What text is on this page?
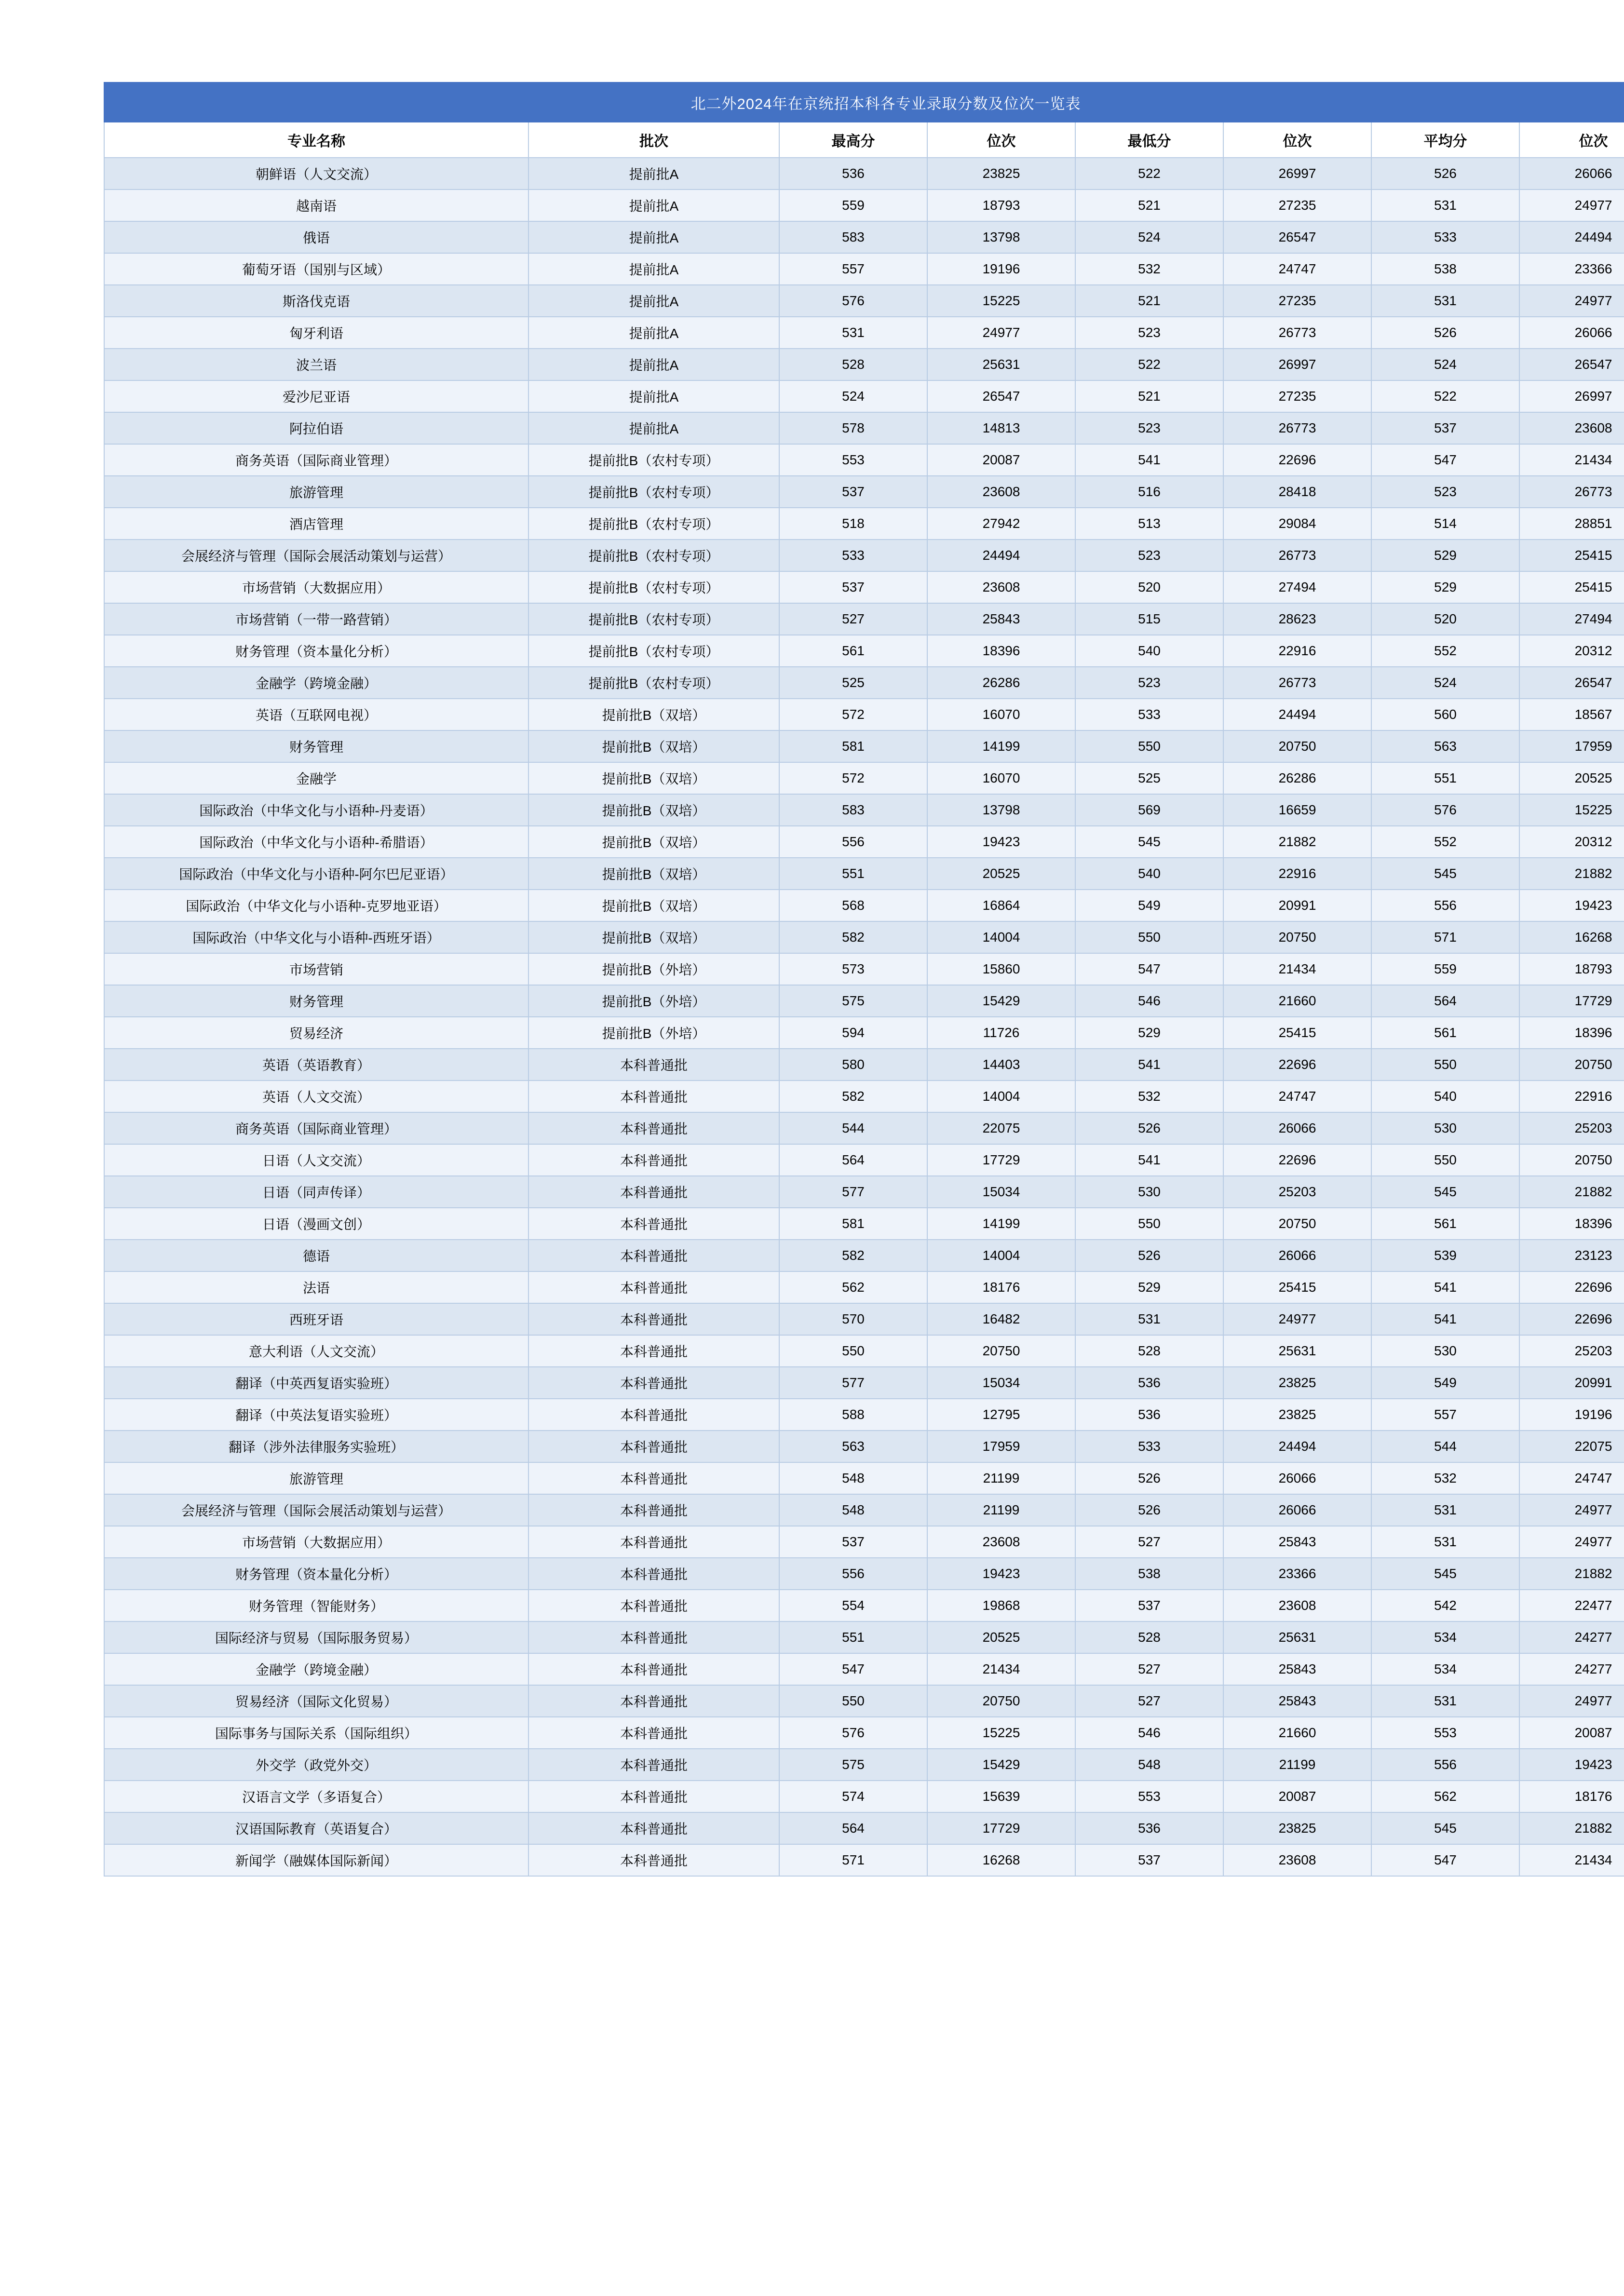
北二外2024年在京统招本科各专业录取分数及位次一览表							
专业名称	批次	最高分	位次	最低分	位次	平均分	位次
朝鲜语（人文交流）	提前批A	536	23825	522	26997	526	26066
越南语	提前批A	559	18793	521	27235	531	24977
俄语	提前批A	583	13798	524	26547	533	24494
葡萄牙语（国别与区域）	提前批A	557	19196	532	24747	538	23366
斯洛伐克语	提前批A	576	15225	521	27235	531	24977
匈牙利语	提前批A	531	24977	523	26773	526	26066
波兰语	提前批A	528	25631	522	26997	524	26547
爱沙尼亚语	提前批A	524	26547	521	27235	522	26997
阿拉伯语	提前批A	578	14813	523	26773	537	23608
商务英语（国际商业管理）	提前批B（农村专项）	553	20087	541	22696	547	21434
旅游管理	提前批B（农村专项）	537	23608	516	28418	523	26773
酒店管理	提前批B（农村专项）	518	27942	513	29084	514	28851
会展经济与管理（国际会展活动策划与运营）	提前批B（农村专项）	533	24494	523	26773	529	25415
市场营销（大数据应用）	提前批B（农村专项）	537	23608	520	27494	529	25415
市场营销（一带一路营销）	提前批B（农村专项）	527	25843	515	28623	520	27494
财务管理（资本量化分析）	提前批B（农村专项）	561	18396	540	22916	552	20312
金融学（跨境金融）	提前批B（农村专项）	525	26286	523	26773	524	26547
英语（互联网电视）	提前批B（双培）	572	16070	533	24494	560	18567
财务管理	提前批B（双培）	581	14199	550	20750	563	17959
金融学	提前批B（双培）	572	16070	525	26286	551	20525
国际政治（中华文化与小语种-丹麦语）	提前批B（双培）	583	13798	569	16659	576	15225
国际政治（中华文化与小语种-希腊语）	提前批B（双培）	556	19423	545	21882	552	20312
国际政治（中华文化与小语种-阿尔巴尼亚语）	提前批B（双培）	551	20525	540	22916	545	21882
国际政治（中华文化与小语种-克罗地亚语）	提前批B（双培）	568	16864	549	20991	556	19423
国际政治（中华文化与小语种-西班牙语）	提前批B（双培）	582	14004	550	20750	571	16268
市场营销	提前批B（外培）	573	15860	547	21434	559	18793
财务管理	提前批B（外培）	575	15429	546	21660	564	17729
贸易经济	提前批B（外培）	594	11726	529	25415	561	18396
英语（英语教育）	本科普通批	580	14403	541	22696	550	20750
英语（人文交流）	本科普通批	582	14004	532	24747	540	22916
商务英语（国际商业管理）	本科普通批	544	22075	526	26066	530	25203
日语（人文交流）	本科普通批	564	17729	541	22696	550	20750
日语（同声传译）	本科普通批	577	15034	530	25203	545	21882
日语（漫画文创）	本科普通批	581	14199	550	20750	561	18396
德语	本科普通批	582	14004	526	26066	539	23123
法语	本科普通批	562	18176	529	25415	541	22696
西班牙语	本科普通批	570	16482	531	24977	541	22696
意大利语（人文交流）	本科普通批	550	20750	528	25631	530	25203
翻译（中英西复语实验班）	本科普通批	577	15034	536	23825	549	20991
翻译（中英法复语实验班）	本科普通批	588	12795	536	23825	557	19196
翻译（涉外法律服务实验班）	本科普通批	563	17959	533	24494	544	22075
旅游管理	本科普通批	548	21199	526	26066	532	24747
会展经济与管理（国际会展活动策划与运营）	本科普通批	548	21199	526	26066	531	24977
市场营销（大数据应用）	本科普通批	537	23608	527	25843	531	24977
财务管理（资本量化分析）	本科普通批	556	19423	538	23366	545	21882
财务管理（智能财务）	本科普通批	554	19868	537	23608	542	22477
国际经济与贸易（国际服务贸易）	本科普通批	551	20525	528	25631	534	24277
金融学（跨境金融）	本科普通批	547	21434	527	25843	534	24277
贸易经济（国际文化贸易）	本科普通批	550	20750	527	25843	531	24977
国际事务与国际关系（国际组织）	本科普通批	576	15225	546	21660	553	20087
外交学（政党外交）	本科普通批	575	15429	548	21199	556	19423
汉语言文学（多语复合）	本科普通批	574	15639	553	20087	562	18176
汉语国际教育（英语复合）	本科普通批	564	17729	536	23825	545	21882
新闻学（融媒体国际新闻）	本科普通批	571	16268	537	23608	547	21434
